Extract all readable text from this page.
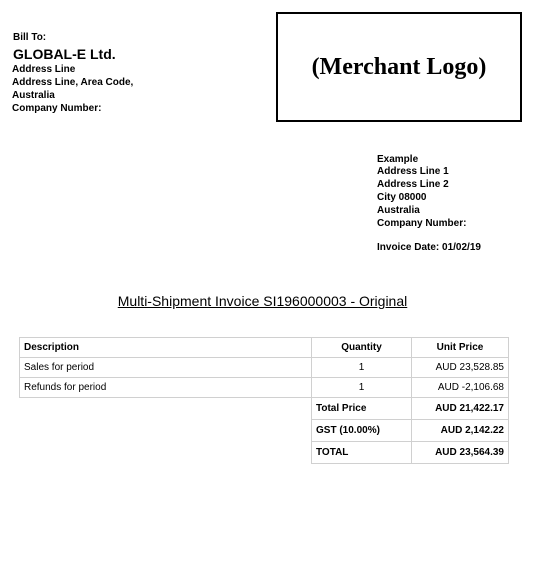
Bill To:
GLOBAL-E Ltd.
Address Line
Address Line, Area Code,
Australia
Company Number:
(Merchant Logo)
Example
Address Line 1
Address Line 2
City 08000
Australia
Company Number:
Invoice Date: 01/02/19
Multi-Shipment Invoice SI196000003 - Original
Description	Quantity	Unit Price
Sales for period	1	AUD 23,528.85
Refunds for period	1	AUD -2,106.68
	Total Price	AUD 21,422.17
	GST (10.00%)	AUD 2,142.22
	TOTAL	AUD 23,564.39
